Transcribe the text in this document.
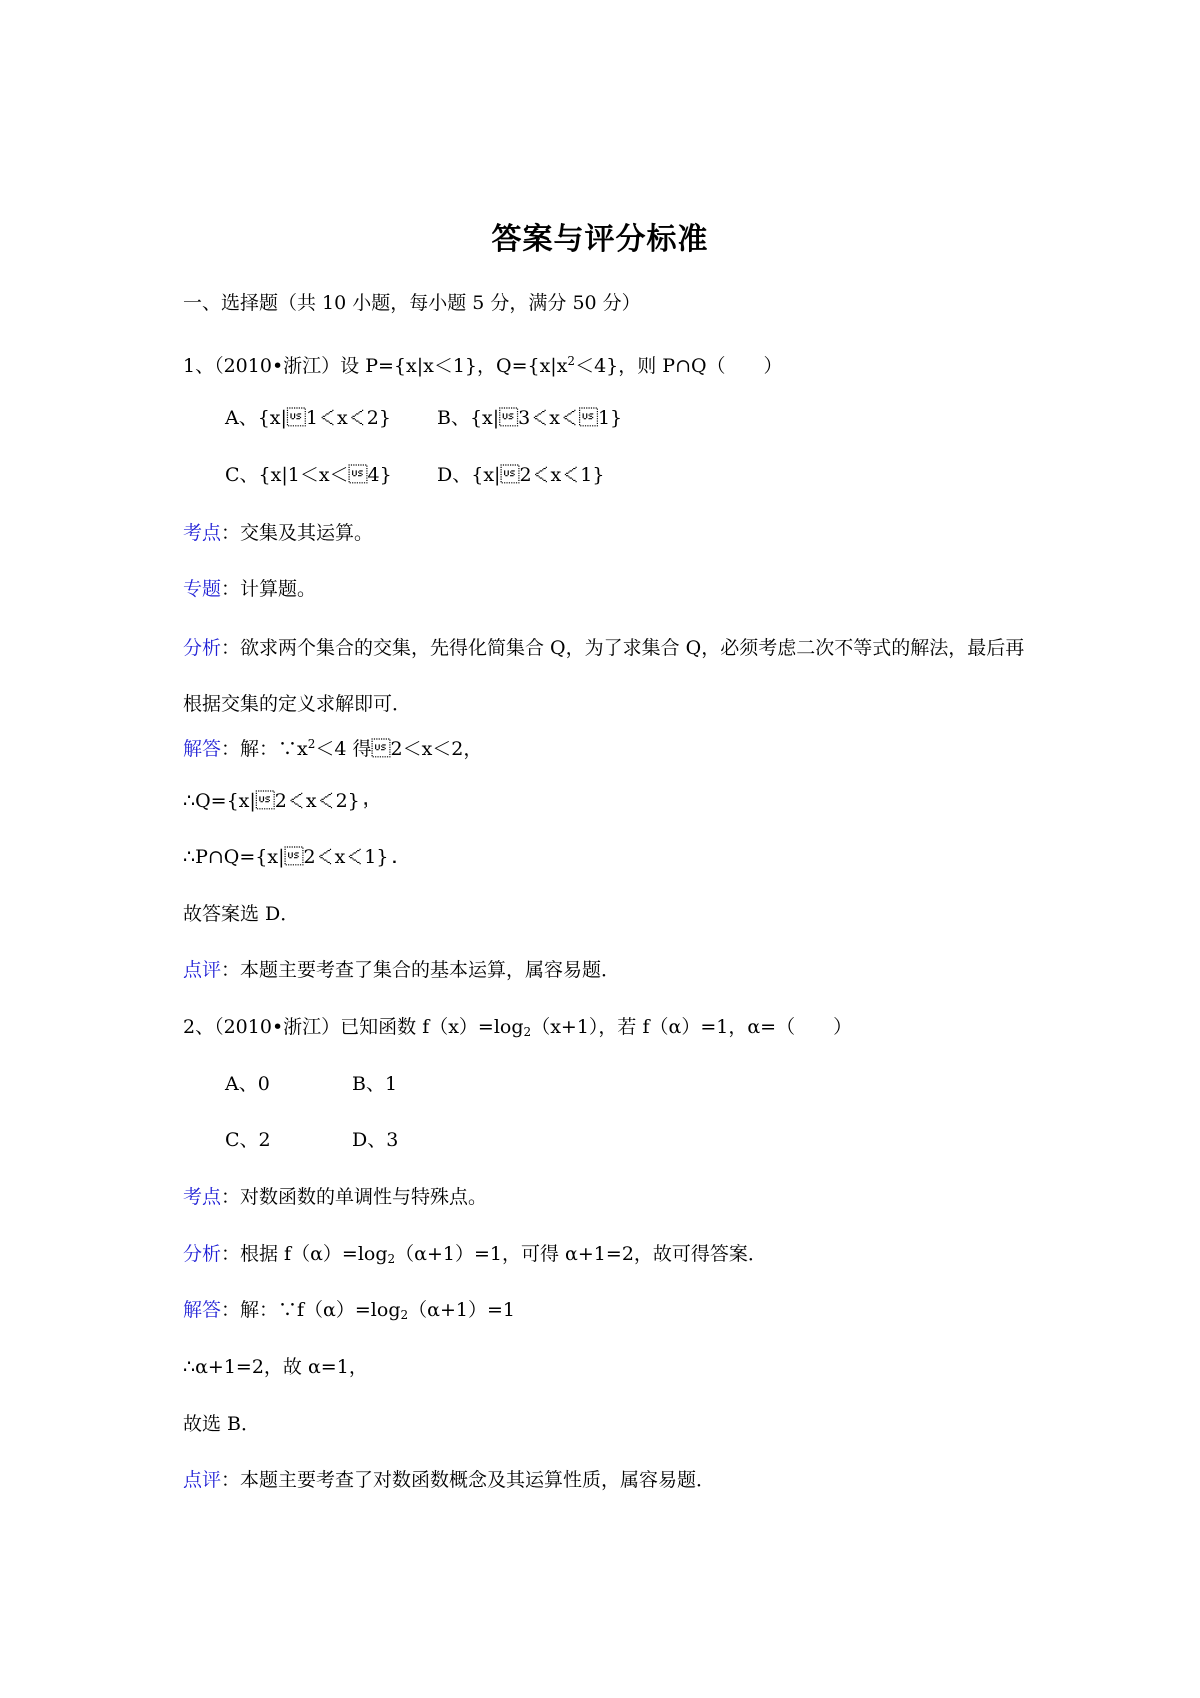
答案与评分标准
一、选择题（共 10 小题，每小题 5 分，满分 50 分）
1、（2010•浙江）设 P={x|x＜1}，$Q=\{x|x^2<4\}$，则 P∩Q（　　）
A、{x|1＜x＜2} B、{x|3＜x＜1}
C、{x|1＜x＜4} D、{x|2＜x＜1}
考点：交集及其运算。
专题：计算题。
分析：欲求两个集合的交集，先得化简集合 Q，为了求集合 Q，必须考虑二次不等式的解法，最后再根据交集的定义求解即可．
解答：解：$\because x^2<4$ 得2＜x＜2，
∴Q={x|2＜x＜2}，
∴P∩Q={x|2＜x＜1}．
故答案选 D．
点评：本题主要考查了集合的基本运算，属容易题．
2、（2010•浙江）已知函数 $f(x)=\log_2(x+1)$，若 f（α）=1，α=（　　）
A、0	B、1
C、2	D、3
考点：对数函数的单调性与特殊点。
分析：根据 $f(\alpha)=\log_2(\alpha+1)=1$，可得 α+1=2，故可得答案．
解答：解：$\because f(\alpha)=\log_2(\alpha+1)=1$
∴α+1=2，故 α=1，
故选 B．
点评：本题主要考查了对数函数概念及其运算性质，属容易题．
